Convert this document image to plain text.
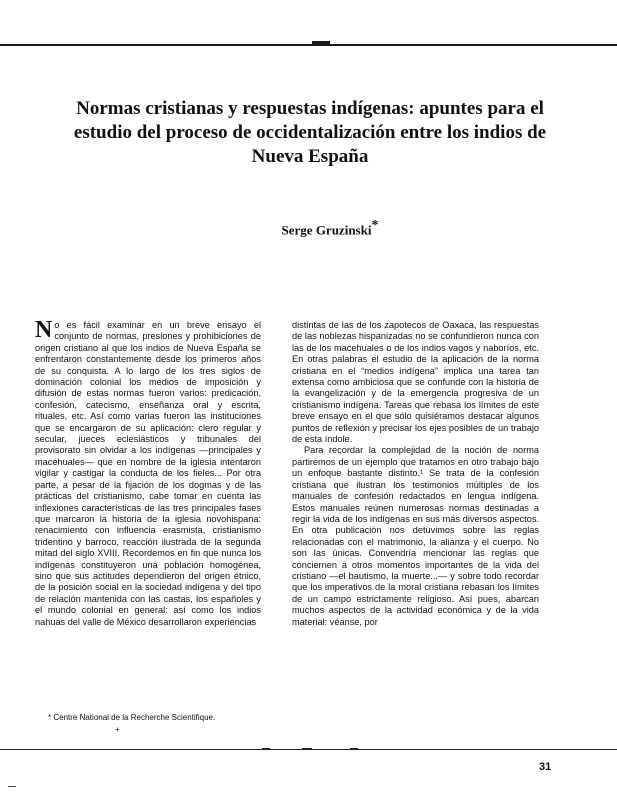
Normas cristianas y respuestas indígenas: apuntes para el estudio del proceso de occidentalización entre los indios de Nueva España
Serge Gruzinski*

No es fácil examinar en un breve ensayo el conjunto de normas, presiones y prohibiciones de origen cristiano al que los indios de Nueva España se enfrentaron constantemente desde los primeros años de su conquista. A lo largo de los tres siglos de dominación colonial los medios de imposición y difusión de estas normas fueron varios: predicación, confesión, catecismo, enseñanza oral y escrita, rituales, etc. Así como varias fueron las instituciones que se encargaron de su aplicación: clero regular y secular, jueces eclesiásticos y tribunales del provisorato sin olvidar a los indígenas —principales y macehuales— que en nombre de la iglesia intentaron vigilar y castigar la conducta de los fieles... Por otra parte, a pesar de la fijación de los dogmas y de las prácticas del cristianismo, cabe tomar en cuenta las inflexiones características de las tres principales fases que marcaron la historia de la iglesia novohispana: renacimiento con influencia erasmista, cristianismo tridentino y barroco, reacción ilustrada de la segunda mitad del siglo XVIII. Recordemos en fin que nunca los indígenas constituyeron una población homogénea, sino que sus actitudes dependieron del origen étnico, de la posición social en la sociedad indígena y del tipo de relación mantenida con las castas, los españoles y el mundo colonial en general: así como los indios nahuas del valle de México desarrollaron experiencias

distintas de las de los zapotecos de Oaxaca, las respuestas de las noblezas hispanizadas no se confundieron nunca con las de los macehuales o de los indios vagos y naboríos, etc. En otras palabras el estudio de la aplicación de la norma cristiana en el “medios indígena” implica una tarea tan extensa como ambiciosa que se confunde con la historia de la evangelización y de la emergencia progresiva de un cristianismo indígena. Tareas que rebasa los límites de este breve ensayo en el que sólo quisiéramos destacar algunos puntos de reflexión y precisar los ejes posibles de un trabajo de esta índole.

Para recordar la complejidad de la noción de norma partiremos de un ejemplo que tratamos en otro trabajo bajo un enfoque bastante distinto.¹ Se trata de la confesión cristiana que ilustran los testimonios múltiples de los manuales de confesión redactados en lengua indígena. Estos manuales reúnen numerosas normas destinadas a regir la vida de los indígenas en sus más diversos aspectos. En otra publicación nos detuvimos sobre las reglas relacionadas con el matrimonio, la alianza y el cuerpo. No son las únicas. Convendría mencionar las reglas que conciernen a otros momentos importantes de la vida del cristiano —el bautismo, la muerte...— y sobre todo recordar que los imperativos de la moral cristiana rebasan los límites de un campo estrictamente religioso. Así pues, abarcan muchos aspectos de la actividad económica y de la vida material: véanse, por

* Centre National de la Recherche Scientifique.
+
31
